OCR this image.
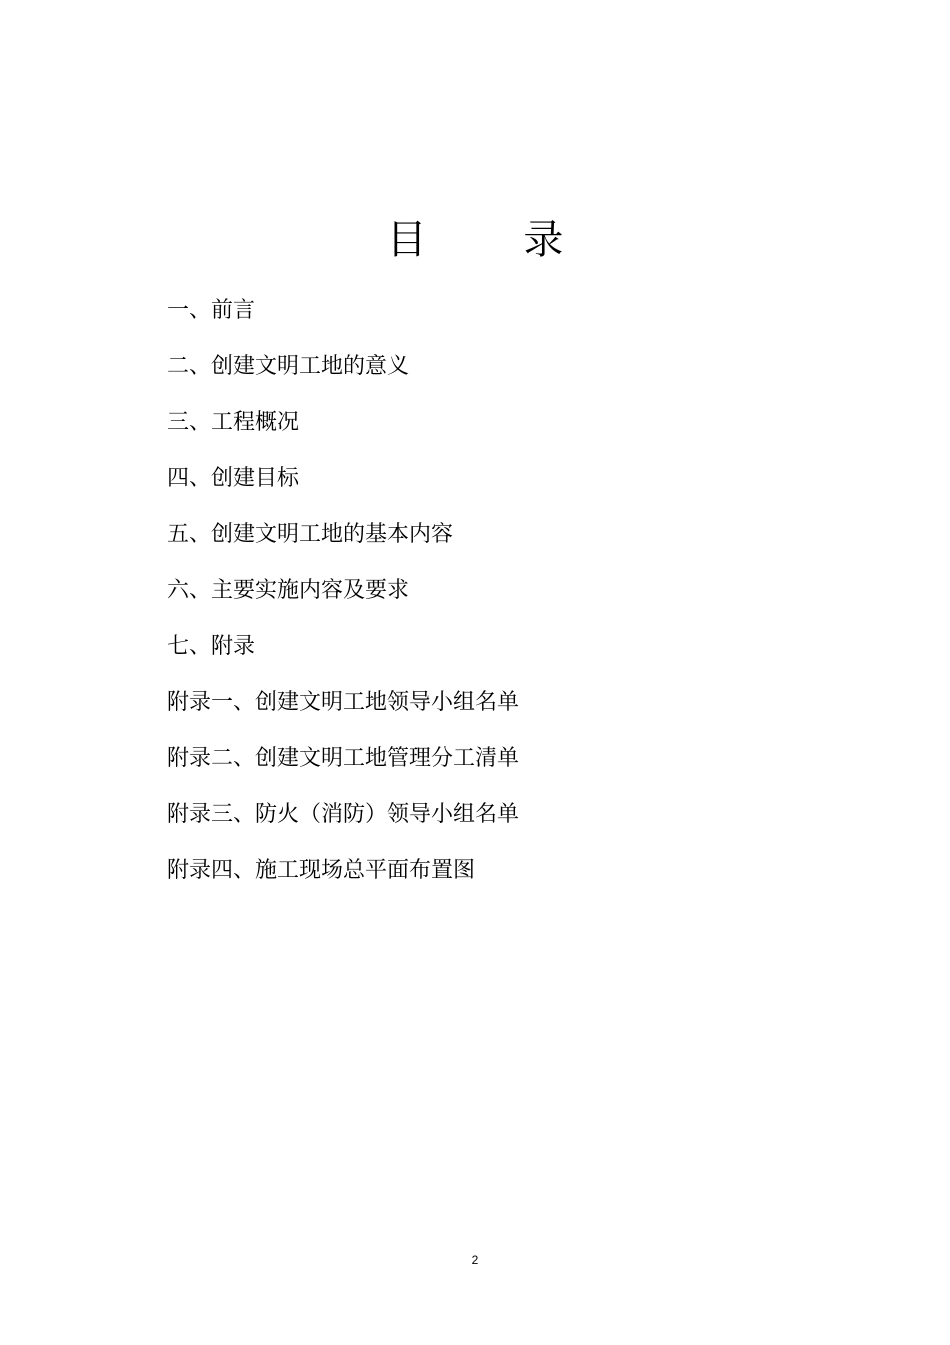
目 录
一、前言
二、创建文明工地的意义
三、工程概况
四、创建目标
五、创建文明工地的基本内容
六、主要实施内容及要求
七、附录
附录一、创建文明工地领导小组名单
附录二、创建文明工地管理分工清单
附录三、防火（消防）领导小组名单
附录四、施工现场总平面布置图
2
